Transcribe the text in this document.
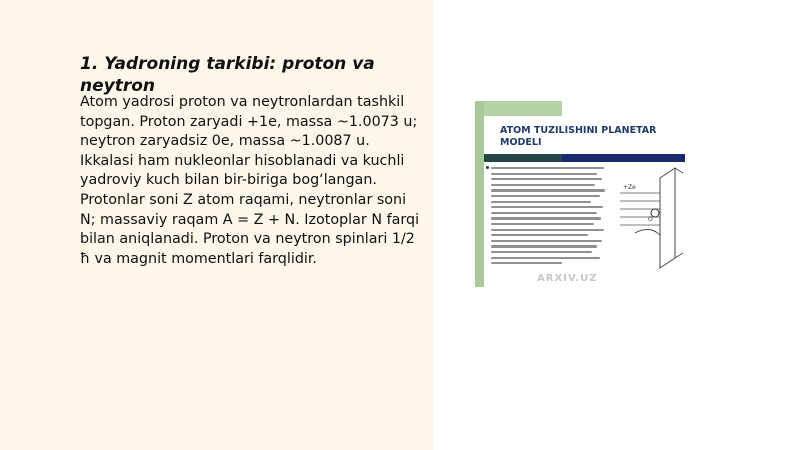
1. Yadroning tarkibi: proton va neytron

Atom yadrosi proton va neytronlardan tashkil topgan. Proton zaryadi +1e, massa ~1.0073 u; neytron zaryadsiz 0e, massa ~1.0087 u. Ikkalasi ham nukleonlar hisoblanadi va kuchli yadroviy kuch bilan bir-biriga bog‘langan. Protonlar soni Z atom raqami, neytronlar soni N; massaviy raqam A = Z + N. Izotoplar N farqi bilan aniqlanadi. Proton va neytron spinlari 1/2 ħ va magnit momentlari farqlidir.

ATOM TUZILISHINI PLANETAR MODELI
+Ze
O
ARXIV.UZ
